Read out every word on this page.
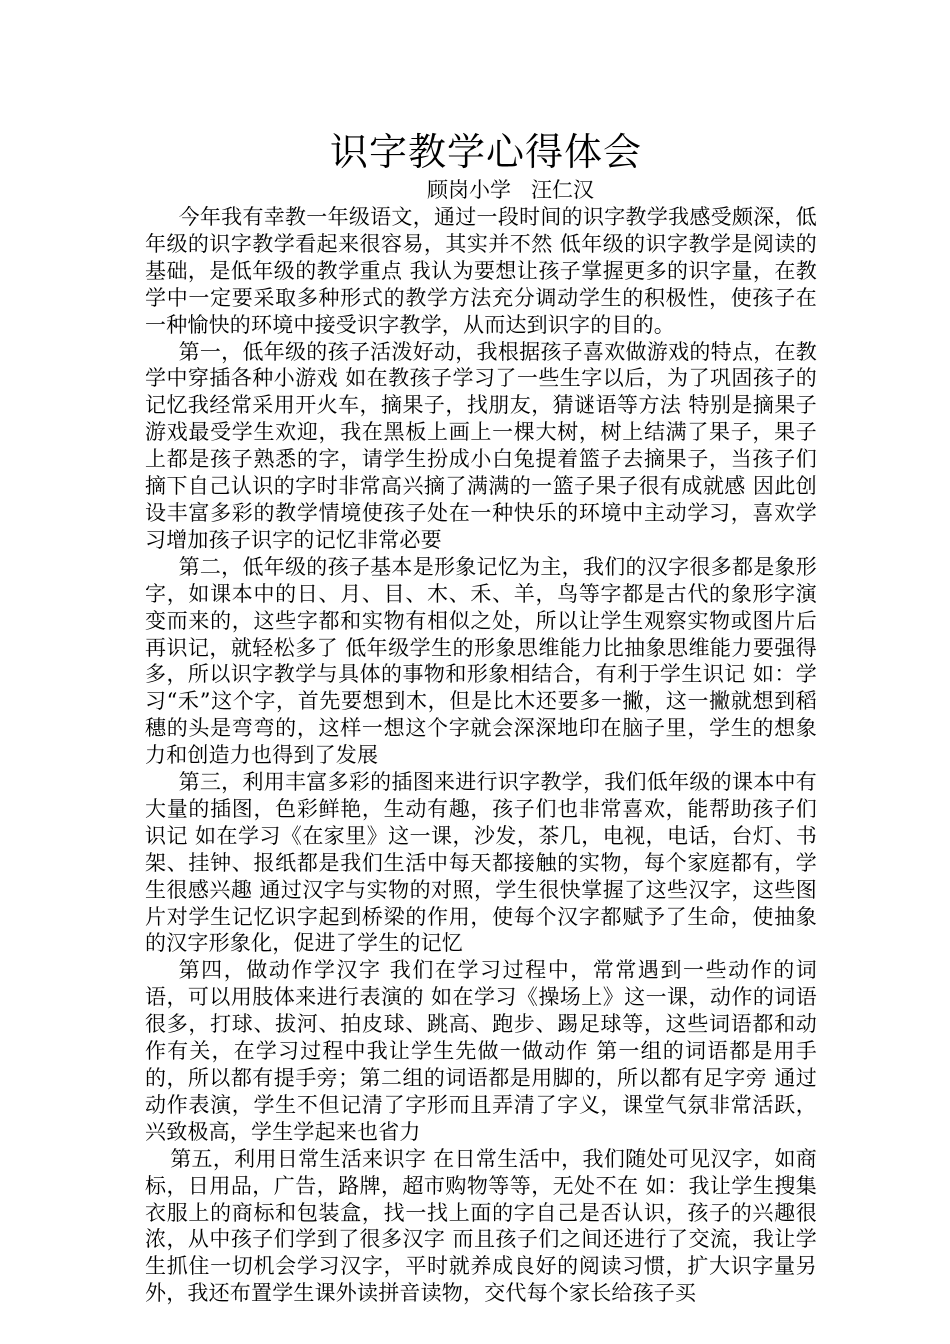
识字教学心得体会

顾岗小学   汪仁汉

今年我有幸教一年级语文，通过一段时间的识字教学我感受颇深，低年级的识字教学看起来很容易，其实并不然 低年级的识字教学是阅读的基础，是低年级的教学重点 我认为要想让孩子掌握更多的识字量，在教学中一定要采取多种形式的教学方法充分调动学生的积极性，使孩子在一种愉快的环境中接受识字教学，从而达到识字的目的。

第一，低年级的孩子活泼好动，我根据孩子喜欢做游戏的特点，在教学中穿插各种小游戏 如在教孩子学习了一些生字以后，为了巩固孩子的记忆我经常采用开火车，摘果子，找朋友，猜谜语等方法 特别是摘果子游戏最受学生欢迎，我在黑板上画上一棵大树，树上结满了果子，果子上都是孩子熟悉的字，请学生扮成小白兔提着篮子去摘果子，当孩子们摘下自己认识的字时非常高兴摘了满满的一篮子果子很有成就感 因此创设丰富多彩的教学情境使孩子处在一种快乐的环境中主动学习，喜欢学习增加孩子识字的记忆非常必要

第二，低年级的孩子基本是形象记忆为主，我们的汉字很多都是象形字，如课本中的日、月、目、木、禾、羊，鸟等字都是古代的象形字演变而来的，这些字都和实物有相似之处，所以让学生观察实物或图片后再识记，就轻松多了 低年级学生的形象思维能力比抽象思维能力要强得多，所以识字教学与具体的事物和形象相结合，有利于学生识记 如：学习“禾”这个字，首先要想到木，但是比木还要多一撇，这一撇就想到稻穗的头是弯弯的，这样一想这个字就会深深地印在脑子里，学生的想象力和创造力也得到了发展

第三，利用丰富多彩的插图来进行识字教学，我们低年级的课本中有大量的插图，色彩鲜艳，生动有趣，孩子们也非常喜欢，能帮助孩子们识记 如在学习《在家里》这一课，沙发，茶几，电视，电话，台灯、书架、挂钟、报纸都是我们生活中每天都接触的实物，每个家庭都有，学生很感兴趣 通过汉字与实物的对照，学生很快掌握了这些汉字，这些图片对学生记忆识字起到桥梁的作用，使每个汉字都赋予了生命，使抽象的汉字形象化，促进了学生的记忆

第四，做动作学汉字 我们在学习过程中，常常遇到一些动作的词语，可以用肢体来进行表演的 如在学习《操场上》这一课，动作的词语很多，打球、拔河、拍皮球、跳高、跑步、踢足球等，这些词语都和动作有关，在学习过程中我让学生先做一做动作 第一组的词语都是用手的，所以都有提手旁；第二组的词语都是用脚的，所以都有足字旁 通过动作表演，学生不但记清了字形而且弄清了字义，课堂气氛非常活跃，兴致极高，学生学起来也省力

第五，利用日常生活来识字 在日常生活中，我们随处可见汉字，如商标，日用品，广告，路牌，超市购物等等，无处不在 如：我让学生搜集衣服上的商标和包装盒，找一找上面的字自己是否认识，孩子的兴趣很浓，从中孩子们学到了很多汉字 而且孩子们之间还进行了交流，我让学生抓住一切机会学习汉字，平时就养成良好的阅读习惯，扩大识字量另外，我还布置学生课外读拼音读物，交代每个家长给孩子买
